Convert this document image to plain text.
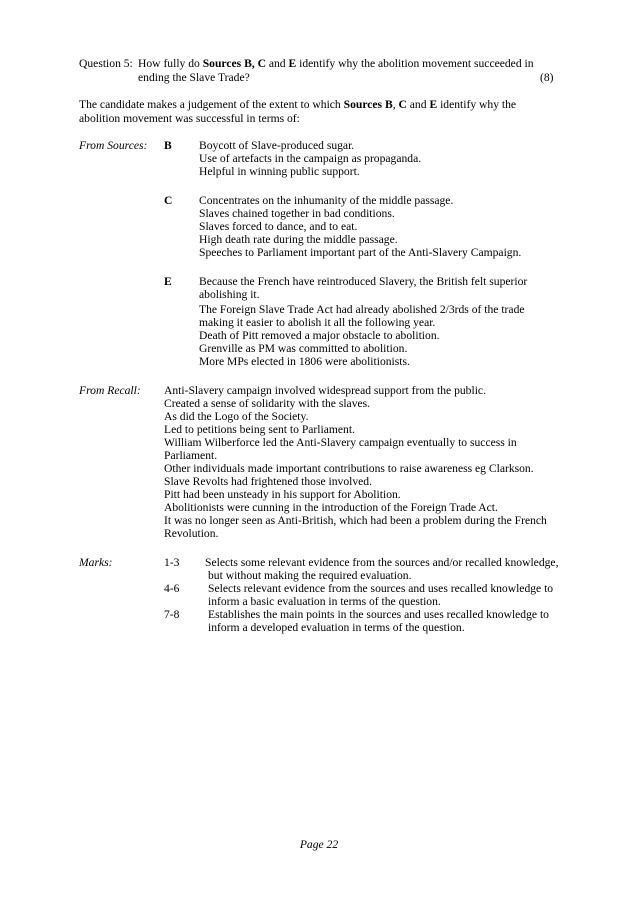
Question 5: How fully do Sources B, C and E identify why the abolition movement succeeded in
ending the Slave Trade?	(8)
The candidate makes a judgement of the extent to which Sources B, C and E identify why the
abolition movement was successful in terms of:
From Sources: B Boycott of Slave-produced sugar.
Use of artefacts in the campaign as propaganda.
Helpful in winning public support.
C Concentrates on the inhumanity of the middle passage.
Slaves chained together in bad conditions.
Slaves forced to dance, and to eat.
High death rate during the middle passage.
Speeches to Parliament important part of the Anti-Slavery Campaign.
E Because the French have reintroduced Slavery, the British felt superior
abolishing it.
The Foreign Slave Trade Act had already abolished 2/3rds of the trade
making it easier to abolish it all the following year.
Death of Pitt removed a major obstacle to abolition.
Grenville as PM was committed to abolition.
More MPs elected in 1806 were abolitionists.
From Recall: Anti-Slavery campaign involved widespread support from the public.
Created a sense of solidarity with the slaves.
As did the Logo of the Society.
Led to petitions being sent to Parliament.
William Wilberforce led the Anti-Slavery campaign eventually to success in
Parliament.
Other individuals made important contributions to raise awareness eg Clarkson.
Slave Revolts had frightened those involved.
Pitt had been unsteady in his support for Abolition.
Abolitionists were cunning in the introduction of the Foreign Trade Act.
It was no longer seen as Anti-British, which had been a problem during the French
Revolution.
Marks:	1-3 Selects some relevant evidence from the sources and/or recalled knowledge,
but without making the required evaluation.
4-6 Selects relevant evidence from the sources and uses recalled knowledge to
inform a basic evaluation in terms of the question.
7-8 Establishes the main points in the sources and uses recalled knowledge to
inform a developed evaluation in terms of the question.
Page 22
